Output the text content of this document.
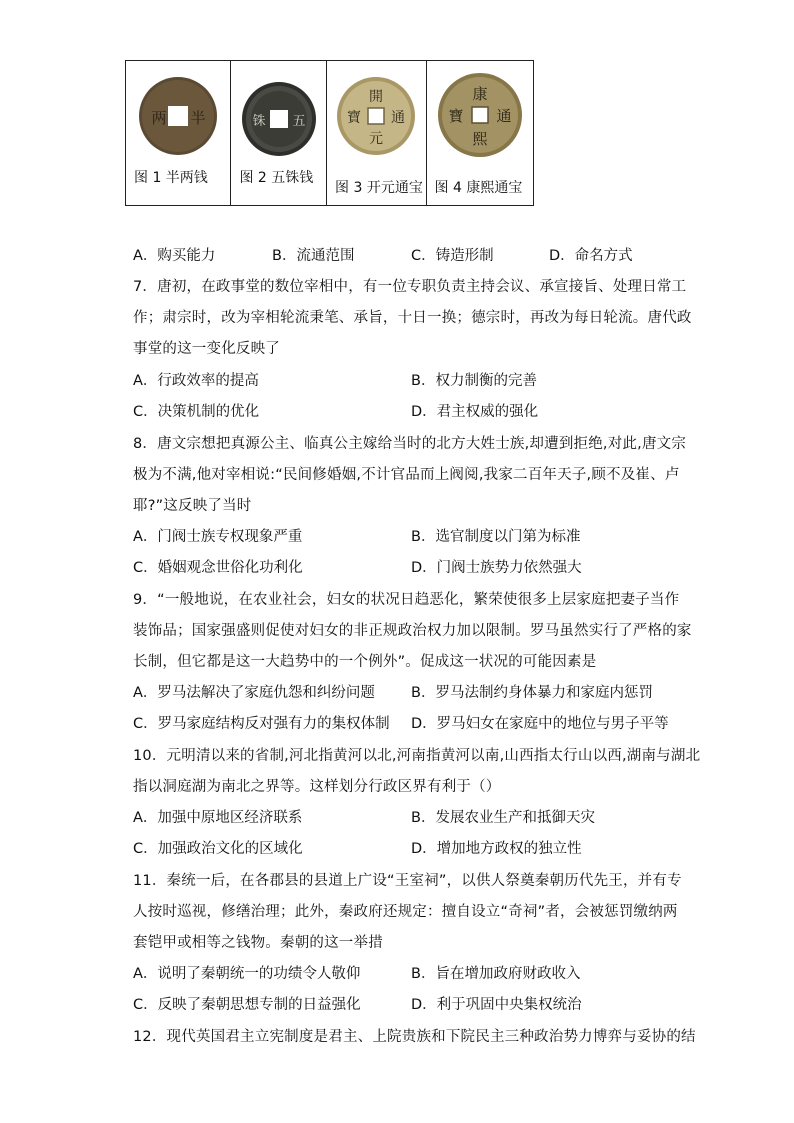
两 半
图 1 半两钱
铢 五
图 2 五铢钱
開
元
通
寶
图 3 开元通宝
康
熙
通
寶
图 4 康熙通宝
A．购买能力	B．流通范围	C．铸造形制	D．命名方式
7．唐初，在政事堂的数位宰相中，有一位专职负责主持会议、承宣接旨、处理日常工
作；肃宗时，改为宰相轮流秉笔、承旨，十日一换；德宗时，再改为每日轮流。唐代政
事堂的这一变化反映了
A．行政效率的提高	B．权力制衡的完善
C．决策机制的优化	D．君主权威的强化
8．唐文宗想把真源公主、临真公主嫁给当时的北方大姓士族,却遭到拒绝,对此,唐文宗
极为不满,他对宰相说:“民间修婚姻,不计官品而上阀阅,我家二百年天子,顾不及崔、卢
耶?”这反映了当时
A．门阀士族专权现象严重	B．选官制度以门第为标准
C．婚姻观念世俗化功利化	D．门阀士族势力依然强大
9．“一般地说，在农业社会，妇女的状况日趋恶化，繁荣使很多上层家庭把妻子当作
装饰品；国家强盛则促使对妇女的非正规政治权力加以限制。罗马虽然实行了严格的家
长制，但它都是这一大趋势中的一个例外”。促成这一状况的可能因素是
A．罗马法解决了家庭仇怨和纠纷问题 B．罗马法制约身体暴力和家庭内惩罚
C．罗马家庭结构反对强有力的集权体制 D．罗马妇女在家庭中的地位与男子平等
10．元明清以来的省制,河北指黄河以北,河南指黄河以南,山西指太行山以西,湖南与湖北
指以洞庭湖为南北之界等。这样划分行政区界有利于（）
A．加强中原地区经济联系	B．发展农业生产和抵御天灾
C．加强政治文化的区域化	D．增加地方政权的独立性
11．秦统一后，在各郡县的县道上广设“王室祠”，以供人祭奠秦朝历代先王，并有专
人按时巡视，修缮治理；此外，秦政府还规定：擅自设立“奇祠”者，会被惩罚缴纳两
套铠甲或相等之钱物。秦朝的这一举措
A．说明了秦朝统一的功绩令人敬仰	B．旨在增加政府财政收入
C．反映了秦朝思想专制的日益强化	D．利于巩固中央集权统治
12．现代英国君主立宪制度是君主、上院贵族和下院民主三种政治势力博弈与妥协的结
